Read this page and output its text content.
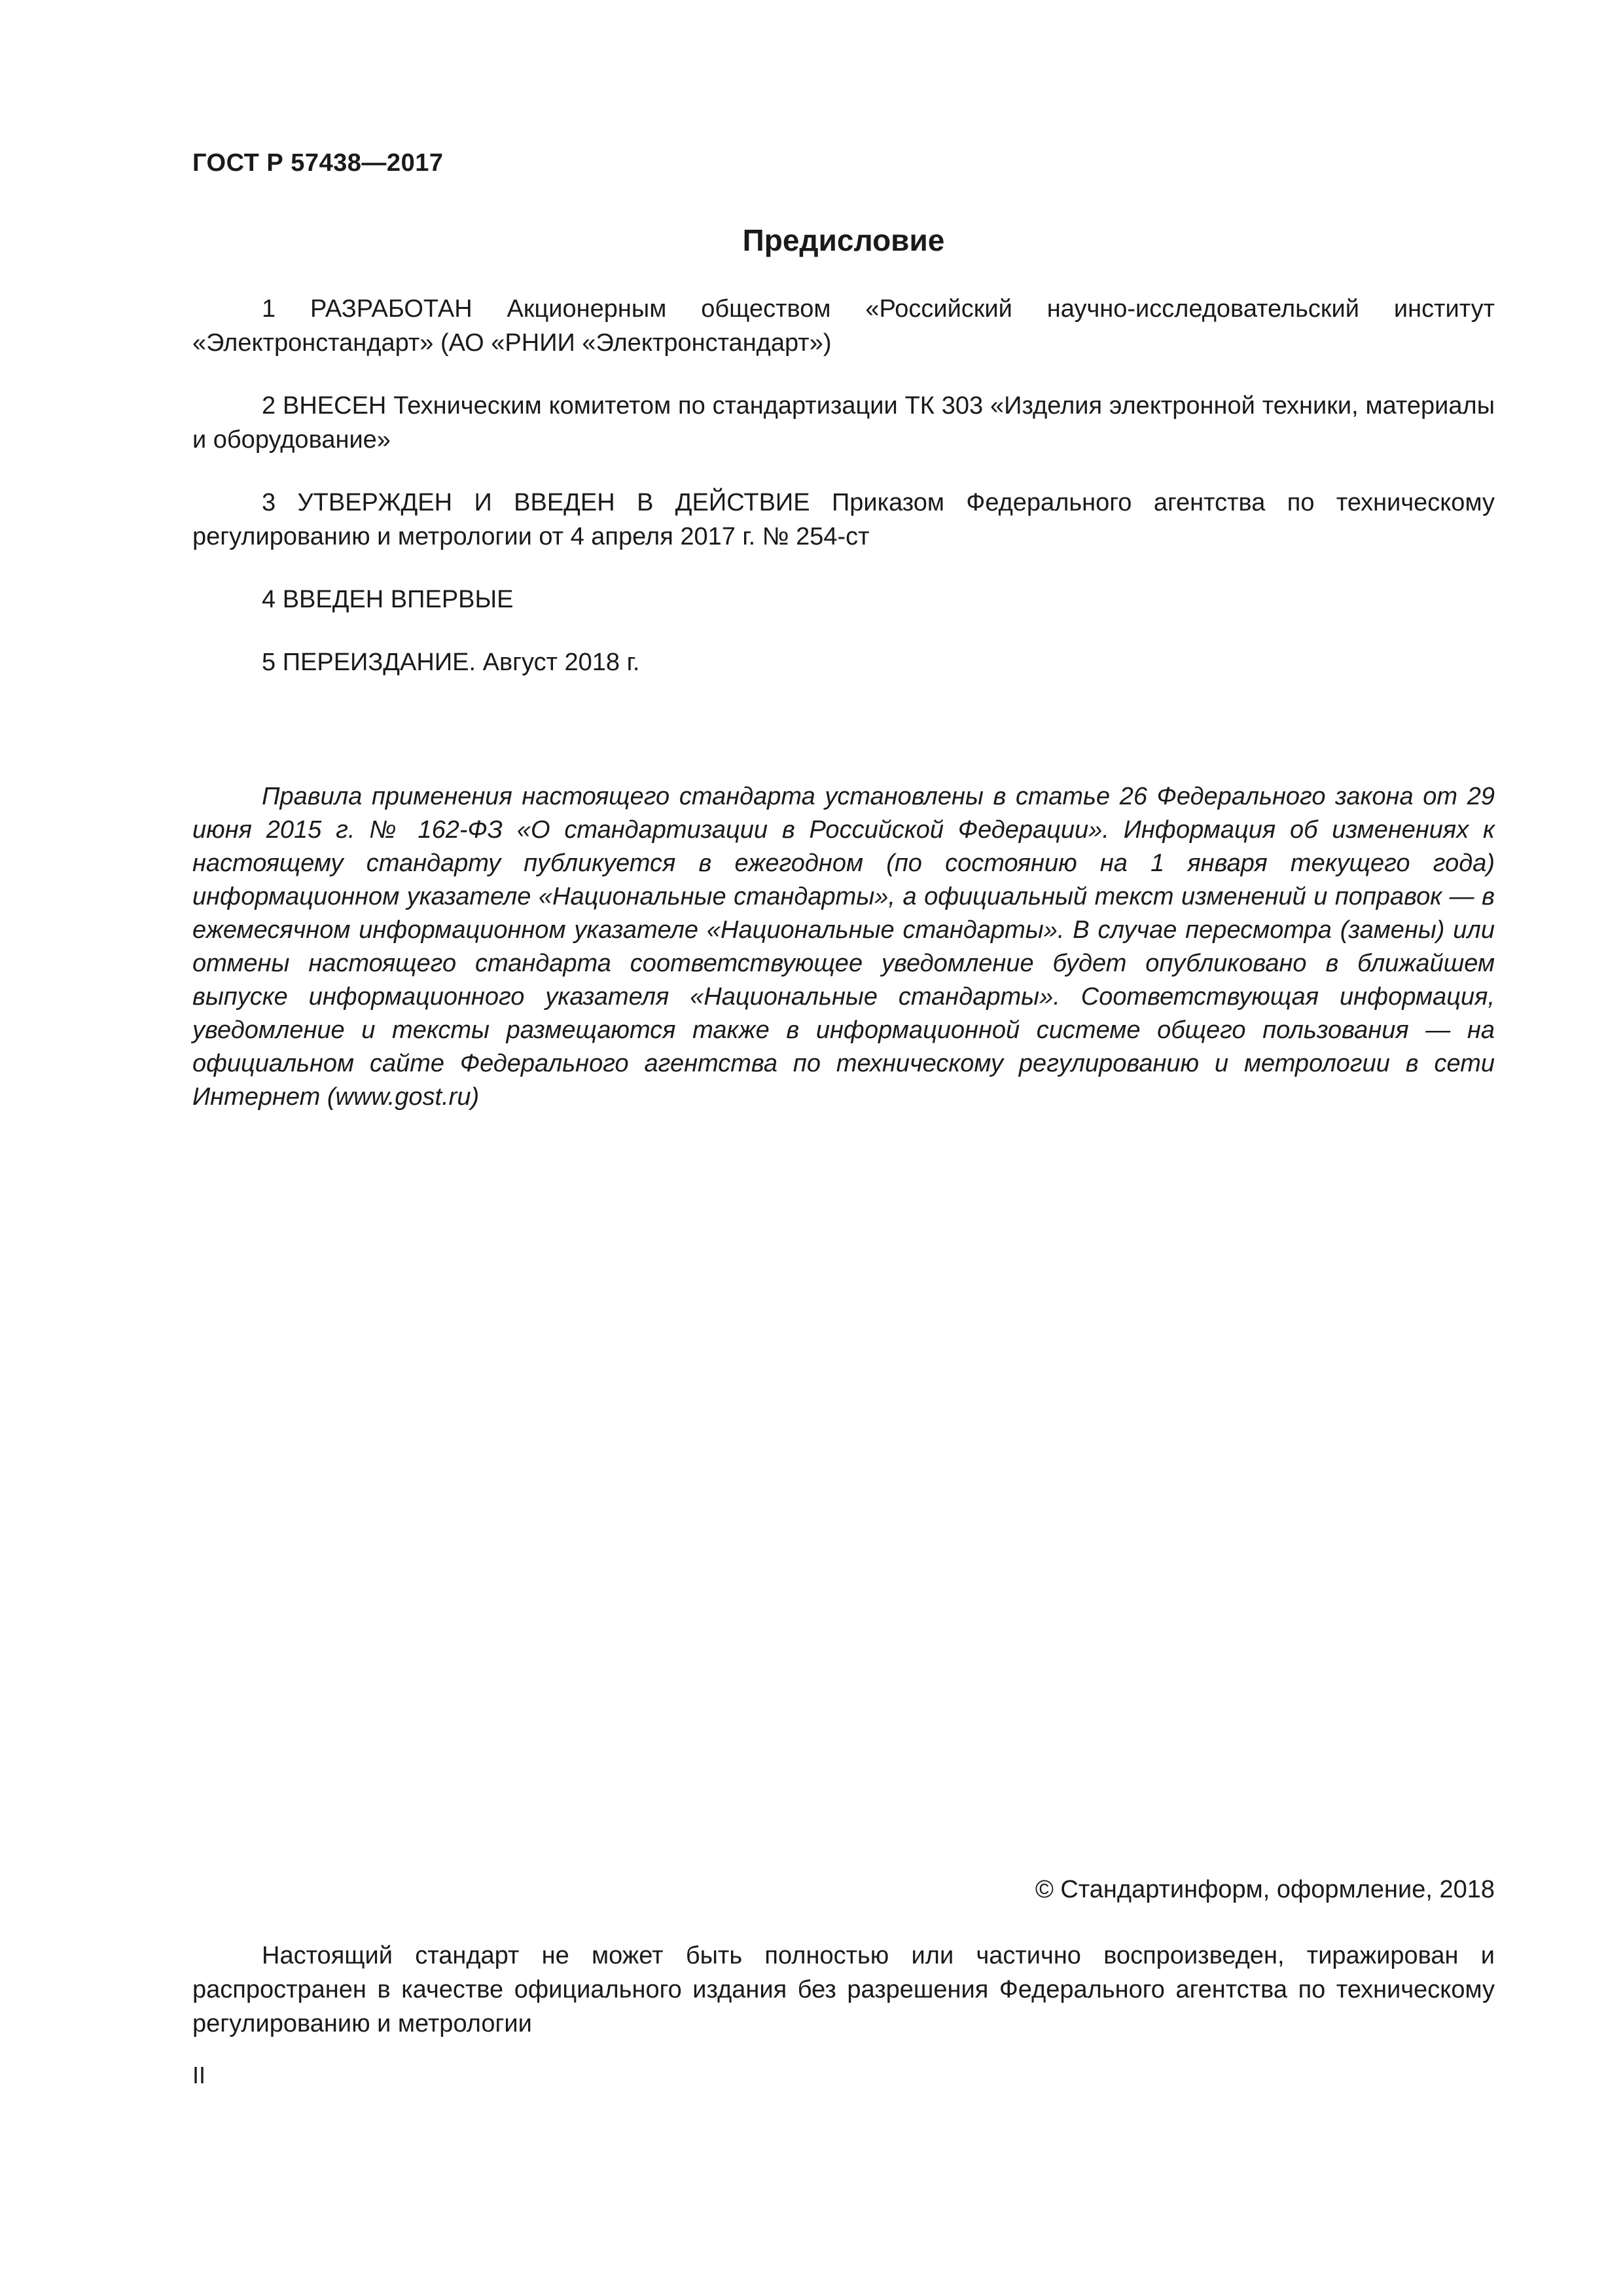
ГОСТ Р 57438—2017
Предисловие

1 РАЗРАБОТАН Акционерным обществом «Российский научно-исследовательский институт «Электронстандарт» (АО «РНИИ «Электронстандарт»)

2 ВНЕСЕН Техническим комитетом по стандартизации ТК 303 «Изделия электронной техники, материалы и оборудование»

3 УТВЕРЖДЕН И ВВЕДЕН В ДЕЙСТВИЕ Приказом Федерального агентства по техническому регулированию и метрологии от 4 апреля 2017 г. № 254-ст

4 ВВЕДЕН ВПЕРВЫЕ

5 ПЕРЕИЗДАНИЕ. Август 2018 г.

Правила применения настоящего стандарта установлены в статье 26 Федерального закона от 29 июня 2015 г. № 162-ФЗ «О стандартизации в Российской Федерации». Информация об изменениях к настоящему стандарту публикуется в ежегодном (по состоянию на 1 января текущего года) информационном указателе «Национальные стандарты», а официальный текст изменений и поправок — в ежемесячном информационном указателе «Национальные стандарты». В случае пересмотра (замены) или отмены настоящего стандарта соответствующее уведомление будет опубликовано в ближайшем выпуске информационного указателя «Национальные стандарты». Соответствующая информация, уведомление и тексты размещаются также в информационной системе общего пользования — на официальном сайте Федерального агентства по техническому регулированию и метрологии в сети Интернет (www.gost.ru)

© Стандартинформ, оформление, 2018

Настоящий стандарт не может быть полностью или частично воспроизведен, тиражирован и распространен в качестве официального издания без разрешения Федерального агентства по техническому регулированию и метрологии

II
